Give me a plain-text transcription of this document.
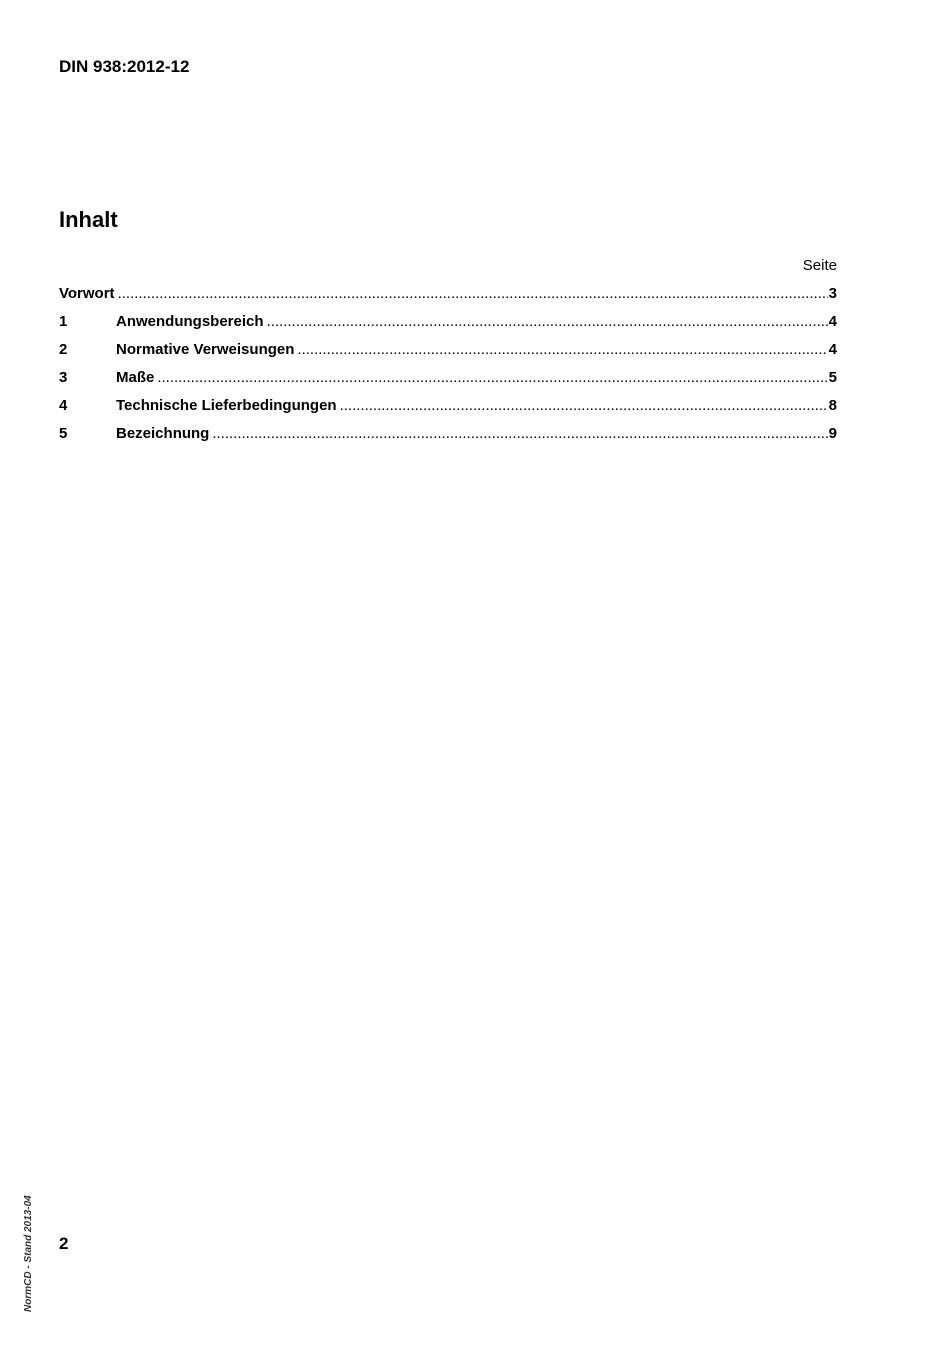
DIN 938:2012-12
Inhalt
Seite
Vorwort .....	3
1	Anwendungsbereich .....	4
2	Normative Verweisungen .....	4
3	Maße .....	5
4	Technische Lieferbedingungen .....	8
5	Bezeichnung .....	9
2
NormCD - Stand 2013-04
